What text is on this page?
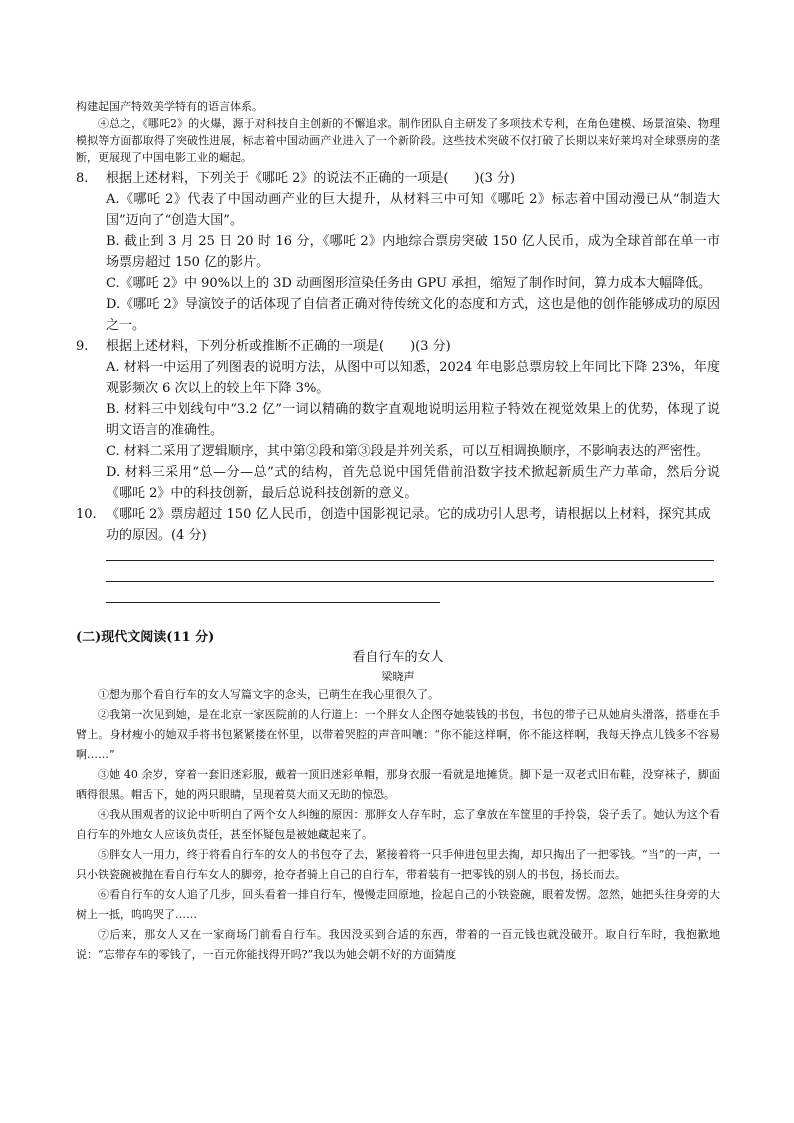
构建起国产特效美学特有的语言体系。

④总之，《哪吒2》的火爆，源于对科技自主创新的不懈追求。制作团队自主研发了多项技术专利，在角色建模、场景渲染、物理模拟等方面都取得了突破性进展，标志着中国动画产业进入了一个新阶段。这些技术突破不仅打破了长期以来好莱坞对全球票房的垄断，更展现了中国电影工业的崛起。

8. 根据上述材料，下列关于《哪吒 2》的说法不正确的一项是(　　)(3 分)

A.《哪吒 2》代表了中国动画产业的巨大提升，从材料三中可知《哪吒 2》标志着中国动漫已从“制造大国”迈向了“创造大国”。

B. 截止到 3 月 25 日 20 时 16 分，《哪吒 2》内地综合票房突破 150 亿人民币，成为全球首部在单一市场票房超过 150 亿的影片。

C.《哪吒 2》中 90%以上的 3D 动画图形渲染任务由 GPU 承担，缩短了制作时间，算力成本大幅降低。

D.《哪吒 2》导演饺子的话体现了自信者正确对待传统文化的态度和方式，这也是他的创作能够成功的原因之一。

9. 根据上述材料，下列分析或推断不正确的一项是(　　)(3 分)

A. 材料一中运用了列图表的说明方法，从图中可以知悉，2024 年电影总票房较上年同比下降 23%，年度观影频次 6 次以上的较上年下降 3%。

B. 材料三中划线句中“3.2 亿”一词以精确的数字直观地说明运用粒子特效在视觉效果上的优势，体现了说明文语言的准确性。

C. 材料二采用了逻辑顺序，其中第②段和第③段是并列关系，可以互相调换顺序，不影响表达的严密性。

D. 材料三采用“总—分—总”式的结构，首先总说中国凭借前沿数字技术掀起新质生产力革命，然后分说《哪吒 2》中的科技创新，最后总说科技创新的意义。

10. 《哪吒 2》票房超过 150 亿人民币，创造中国影视记录。它的成功引人思考，请根据以上材料，探究其成功的原因。(4 分)

(二)现代文阅读(11 分)

看自行车的女人

梁晓声

①想为那个看自行车的女人写篇文字的念头，已萌生在我心里很久了。

②我第一次见到她，是在北京一家医院前的人行道上：一个胖女人企图夺她装钱的书包，书包的带子已从她肩头滑落，搭垂在手臂上。身材瘦小的她双手将书包紧紧搂在怀里，以带着哭腔的声音叫嚷：“你不能这样啊，你不能这样啊，我每天挣点儿钱多不容易啊……”

③她 40 余岁，穿着一套旧迷彩服，戴着一顶旧迷彩单帽，那身衣服一看就是地摊货。脚下是一双老式旧布鞋，没穿袜子，脚面晒得很黑。帽舌下，她的两只眼睛，呈现着莫大而又无助的惊恐。

④我从围观者的议论中听明白了两个女人纠缠的原因：那胖女人存车时，忘了拿放在车筐里的手拎袋，袋子丢了。她认为这个看自行车的外地女人应该负责任，甚至怀疑包是被她藏起来了。

⑤胖女人一用力，终于将看自行车的女人的书包夺了去，紧接着将一只手伸进包里去掏，却只掏出了一把零钱。“当”的一声，一只小铁瓷碗被抛在看自行车女人的脚旁，抢夺者骑上自己的自行车，带着装有一把零钱的别人的书包，扬长而去。

⑥看自行车的女人追了几步，回头看着一排自行车，慢慢走回原地，捡起自己的小铁瓷碗，眼着发愣。忽然，她把头往身旁的大树上一抵，呜呜哭了……

⑦后来，那女人又在一家商场门前看自行车。我因没买到合适的东西，带着的一百元钱也就没破开。取自行车时，我抱歉地说：“忘带存车的零钱了，一百元你能找得开吗?”我以为她会朝不好的方面猜度
